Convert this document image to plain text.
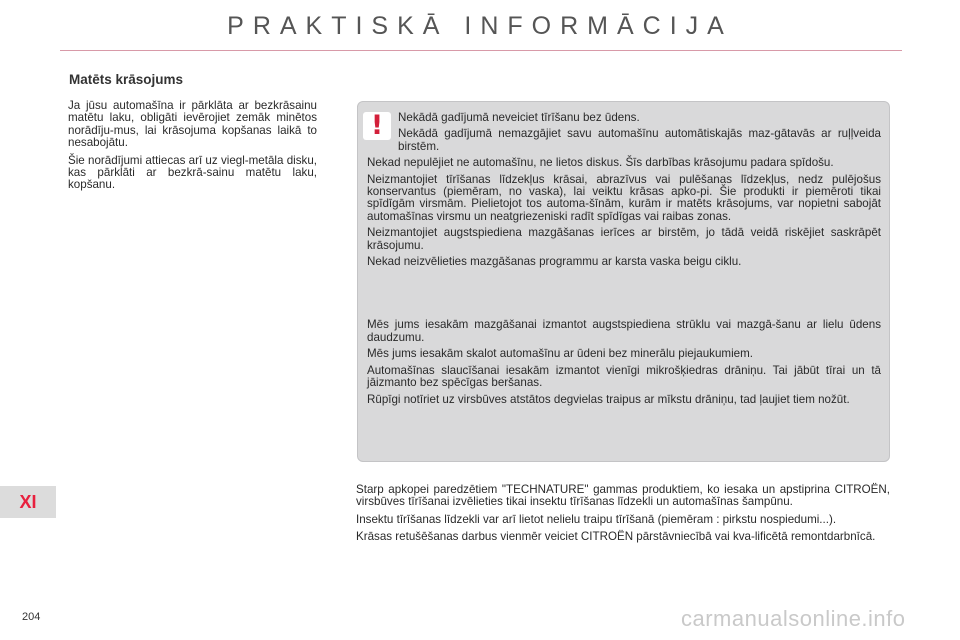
PRAKTISKĀ INFORMĀCIJA
Matēts krāsojums

Ja jūsu automašīna ir pārklāta ar bezkrāsainu matētu laku, obligāti ievērojiet zemāk minētos norādīju-mus, lai krāsojuma kopšanas laikā to nesabojātu.

Šie norādījumi attiecas arī uz viegl-metāla disku, kas pārklāti ar bezkrā-sainu matētu laku, kopšanu.

! Nekādā gadījumā neveiciet tīrīšanu bez ūdens.

Nekādā gadījumā nemazgājiet savu automašīnu automātiskajās maz-gātavās ar ruļļveida birstēm.

Nekad nepulējiet ne automašīnu, ne lietos diskus. Šīs darbības krāsojumu padara spīdošu.

Neizmantojiet tīrīšanas līdzekļus krāsai, abrazīvus vai pulēšanas līdzekļus, nedz pulējošus konservantus (piemēram, no vaska), lai veiktu krāsas apko-pi. Šie produkti ir piemēroti tikai spīdīgām virsmām. Pielietojot tos automa-šīnām, kurām ir matēts krāsojums, var nopietni sabojāt automašīnas virsmu un neatgriezeniski radīt spīdīgas vai raibas zonas.

Neizmantojiet augstspiediena mazgāšanas ierīces ar birstēm, jo tādā veidā riskējiet saskrāpēt krāsojumu.

Nekad neizvēlieties mazgāšanas programmu ar karsta vaska beigu ciklu.

Mēs jums iesakām mazgāšanai izmantot augstspiediena strūklu vai mazgā-šanu ar lielu ūdens daudzumu.

Mēs jums iesakām skalot automašīnu ar ūdeni bez minerālu piejaukumiem.

Automašīnas slaucīšanai iesakām izmantot vienīgi mikrošķiedras drāniņu. Tai jābūt tīrai un tā jāizmanto bez spēcīgas beršanas.

Rūpīgi notīriet uz virsbūves atstātos degvielas traipus ar mīkstu drāniņu, tad ļaujiet tiem nožūt.

Starp apkopei paredzētiem "TECHNATURE" gammas produktiem, ko iesaka un apstiprina CITROËN, virsbūves tīrīšanai izvēlieties tikai insektu tīrīšanas līdzekli un automašīnas šampūnu.

Insektu tīrīšanas līdzekli var arī lietot nelielu traipu tīrīšanā (piemēram : pirkstu nospiedumi...).

Krāsas retušēšanas darbus vienmēr veiciet CITROËN pārstāvniecībā vai kva-lificētā remontdarbnīcā.

XI
204	carmanualsonline.info
